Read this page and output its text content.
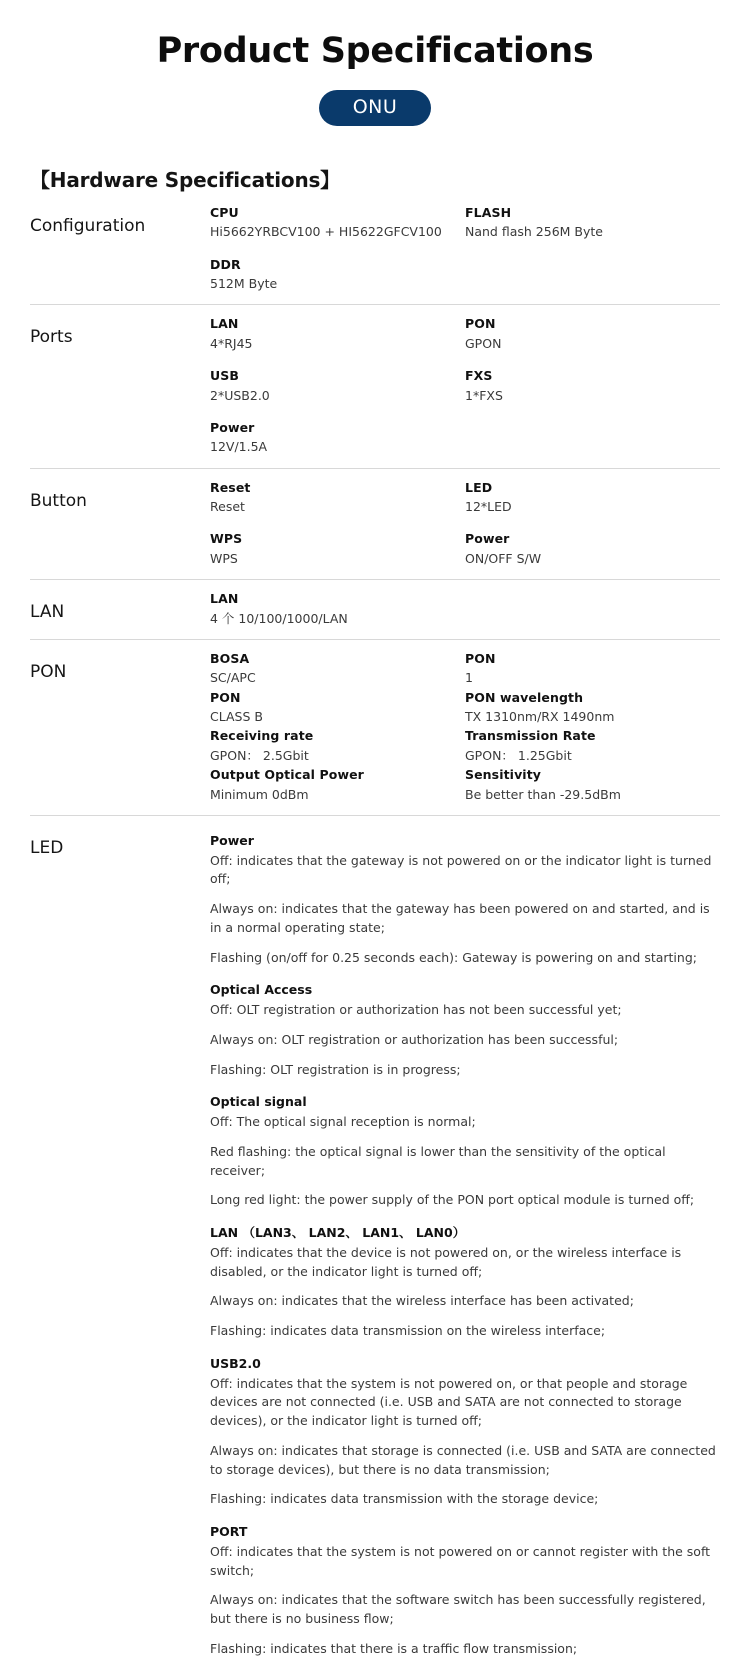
Product Specifications
ONU
【Hardware Specifications】
Configuration
CPU
Hi5662YRBCV100 + HI5622GFCV100
DDR
512M Byte
FLASH
Nand flash 256M Byte
Ports
LAN
4*RJ45
USB
2*USB2.0
Power
12V/1.5A
PON
GPON
FXS
1*FXS
Button
Reset
Reset
WPS
WPS
LED
12*LED
Power
ON/OFF S/W
LAN
LAN
4 个 10/100/1000/LAN
PON
BOSA
SC/APC
PON
CLASS B
Receiving rate
GPON： 2.5Gbit
Output Optical Power
Minimum 0dBm
PON
1
PON wavelength
TX 1310nm/RX 1490nm
Transmission Rate
GPON： 1.25Gbit
Sensitivity
Be better than -29.5dBm
LED	Power
Off: indicates that the gateway is not powered on or the indicator light is turned off;
Always on: indicates that the gateway has been powered on and started, and is in a normal operating state;
Flashing (on/off for 0.25 seconds each): Gateway is powering on and starting;
Optical Access
Off: OLT registration or authorization has not been successful yet;
Always on: OLT registration or authorization has been successful;
Flashing: OLT registration is in progress;
Optical signal
Off: The optical signal reception is normal;
Red flashing: the optical signal is lower than the sensitivity of the optical receiver;
Long red light: the power supply of the PON port optical module is turned off;
LAN （LAN3、 LAN2、 LAN1、 LAN0）
Off: indicates that the device is not powered on, or the wireless interface is disabled, or the indicator light is turned off;
Always on: indicates that the wireless interface has been activated;
Flashing: indicates data transmission on the wireless interface;
USB2.0
Off: indicates that the system is not powered on, or that people and storage devices are not connected (i.e. USB and SATA are not connected to storage devices), or the indicator light is turned off;
Always on: indicates that storage is connected (i.e. USB and SATA are connected to storage devices), but there is no data transmission;
Flashing: indicates data transmission with the storage device;
PORT
Off: indicates that the system is not powered on or cannot register with the soft switch;
Always on: indicates that the software switch has been successfully registered, but there is no business flow;
Flashing: indicates that there is a traffic flow transmission;
